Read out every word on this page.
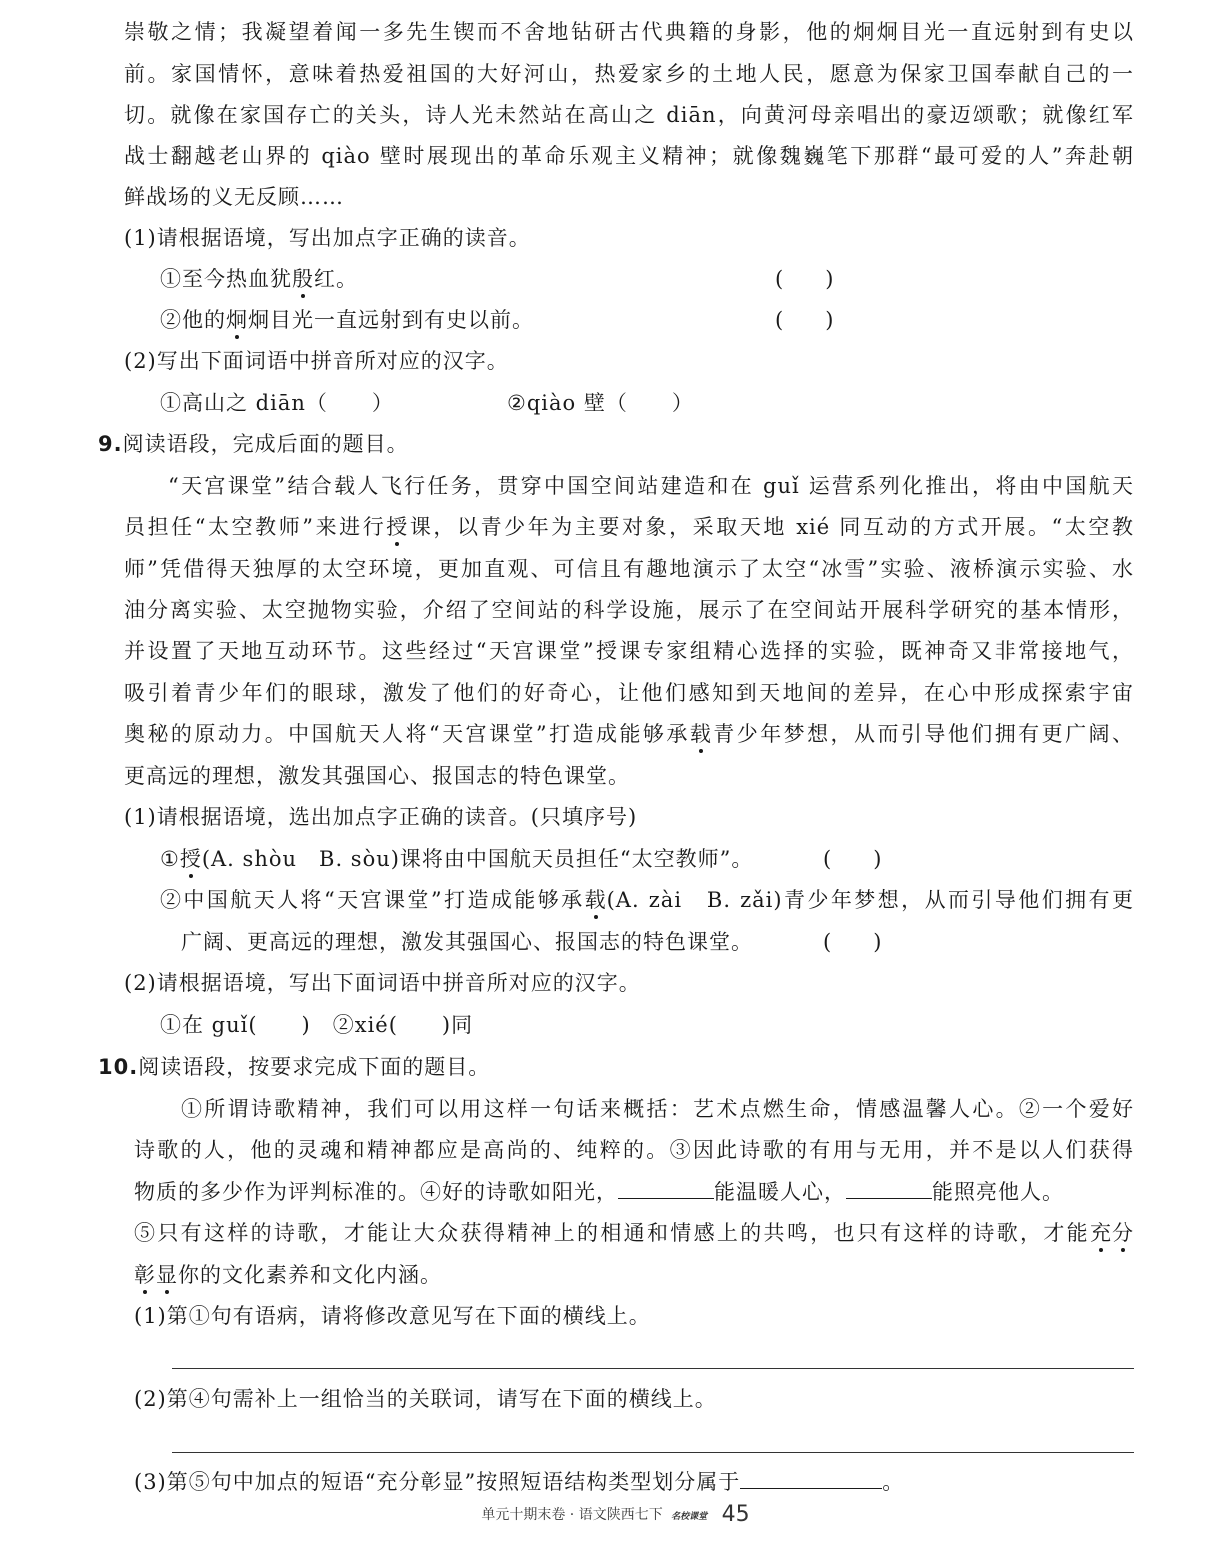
崇敬之情；我凝望着闻一多先生锲而不舍地钻研古代典籍的身影，他的炯炯目光一直远射到有史以
前。家国情怀，意味着热爱祖国的大好河山，热爱家乡的土地人民，愿意为保家卫国奉献自己的一
切。就像在家国存亡的关头，诗人光未然站在高山之 diān，向黄河母亲唱出的豪迈颂歌；就像红军
战士翻越老山界的 qiào 壁时展现出的革命乐观主义精神；就像魏巍笔下那群“最可爱的人”奔赴朝
鲜战场的义无反顾……
(1)请根据语境，写出加点字正确的读音。
①至今热血犹殷红。	(　　)
②他的炯炯目光一直远射到有史以前。	(　　)
(2)写出下面词语中拼音所对应的汉字。
①高山之 diān（　　）	②qiào 壁（　　）
9.阅读语段，完成后面的题目。
“天宫课堂”结合载人飞行任务，贯穿中国空间站建造和在 guǐ 运营系列化推出，将由中国航天
员担任“太空教师”来进行授课，以青少年为主要对象，采取天地 xié 同互动的方式开展。“太空教
师”凭借得天独厚的太空环境，更加直观、可信且有趣地演示了太空“冰雪”实验、液桥演示实验、水
油分离实验、太空抛物实验，介绍了空间站的科学设施，展示了在空间站开展科学研究的基本情形，
并设置了天地互动环节。这些经过“天宫课堂”授课专家组精心选择的实验，既神奇又非常接地气，
吸引着青少年们的眼球，激发了他们的好奇心，让他们感知到天地间的差异，在心中形成探索宇宙
奥秘的原动力。中国航天人将“天宫课堂”打造成能够承载青少年梦想，从而引导他们拥有更广阔、
更高远的理想，激发其强国心、报国志的特色课堂。
(1)请根据语境，选出加点字正确的读音。(只填序号)
①授(A. shòu　B. sòu)课将由中国航天员担任“太空教师”。	(　　)
②中国航天人将“天宫课堂”打造成能够承载(A. zài　B. zǎi)青少年梦想，从而引导他们拥有更
广阔、更高远的理想，激发其强国心、报国志的特色课堂。	(　　)
(2)请根据语境，写出下面词语中拼音所对应的汉字。
①在 guǐ(　　)　②xié(　　)同
10.阅读语段，按要求完成下面的题目。
①所谓诗歌精神，我们可以用这样一句话来概括：艺术点燃生命，情感温馨人心。②一个爱好
诗歌的人，他的灵魂和精神都应是高尚的、纯粹的。③因此诗歌的有用与无用，并不是以人们获得
物质的多少作为评判标准的。④好的诗歌如阳光，	能温暖人心，	能照亮他人。
⑤只有这样的诗歌，才能让大众获得精神上的相通和情感上的共鸣，也只有这样的诗歌，才能充分
彰显你的文化素养和文化内涵。
(1)第①句有语病，请将修改意见写在下面的横线上。
(2)第④句需补上一组恰当的关联词，请写在下面的横线上。
(3)第⑤句中加点的短语“充分彰显”按照短语结构类型划分属于	。
单元十期末卷 · 语文陕西七下 名校课堂 45
